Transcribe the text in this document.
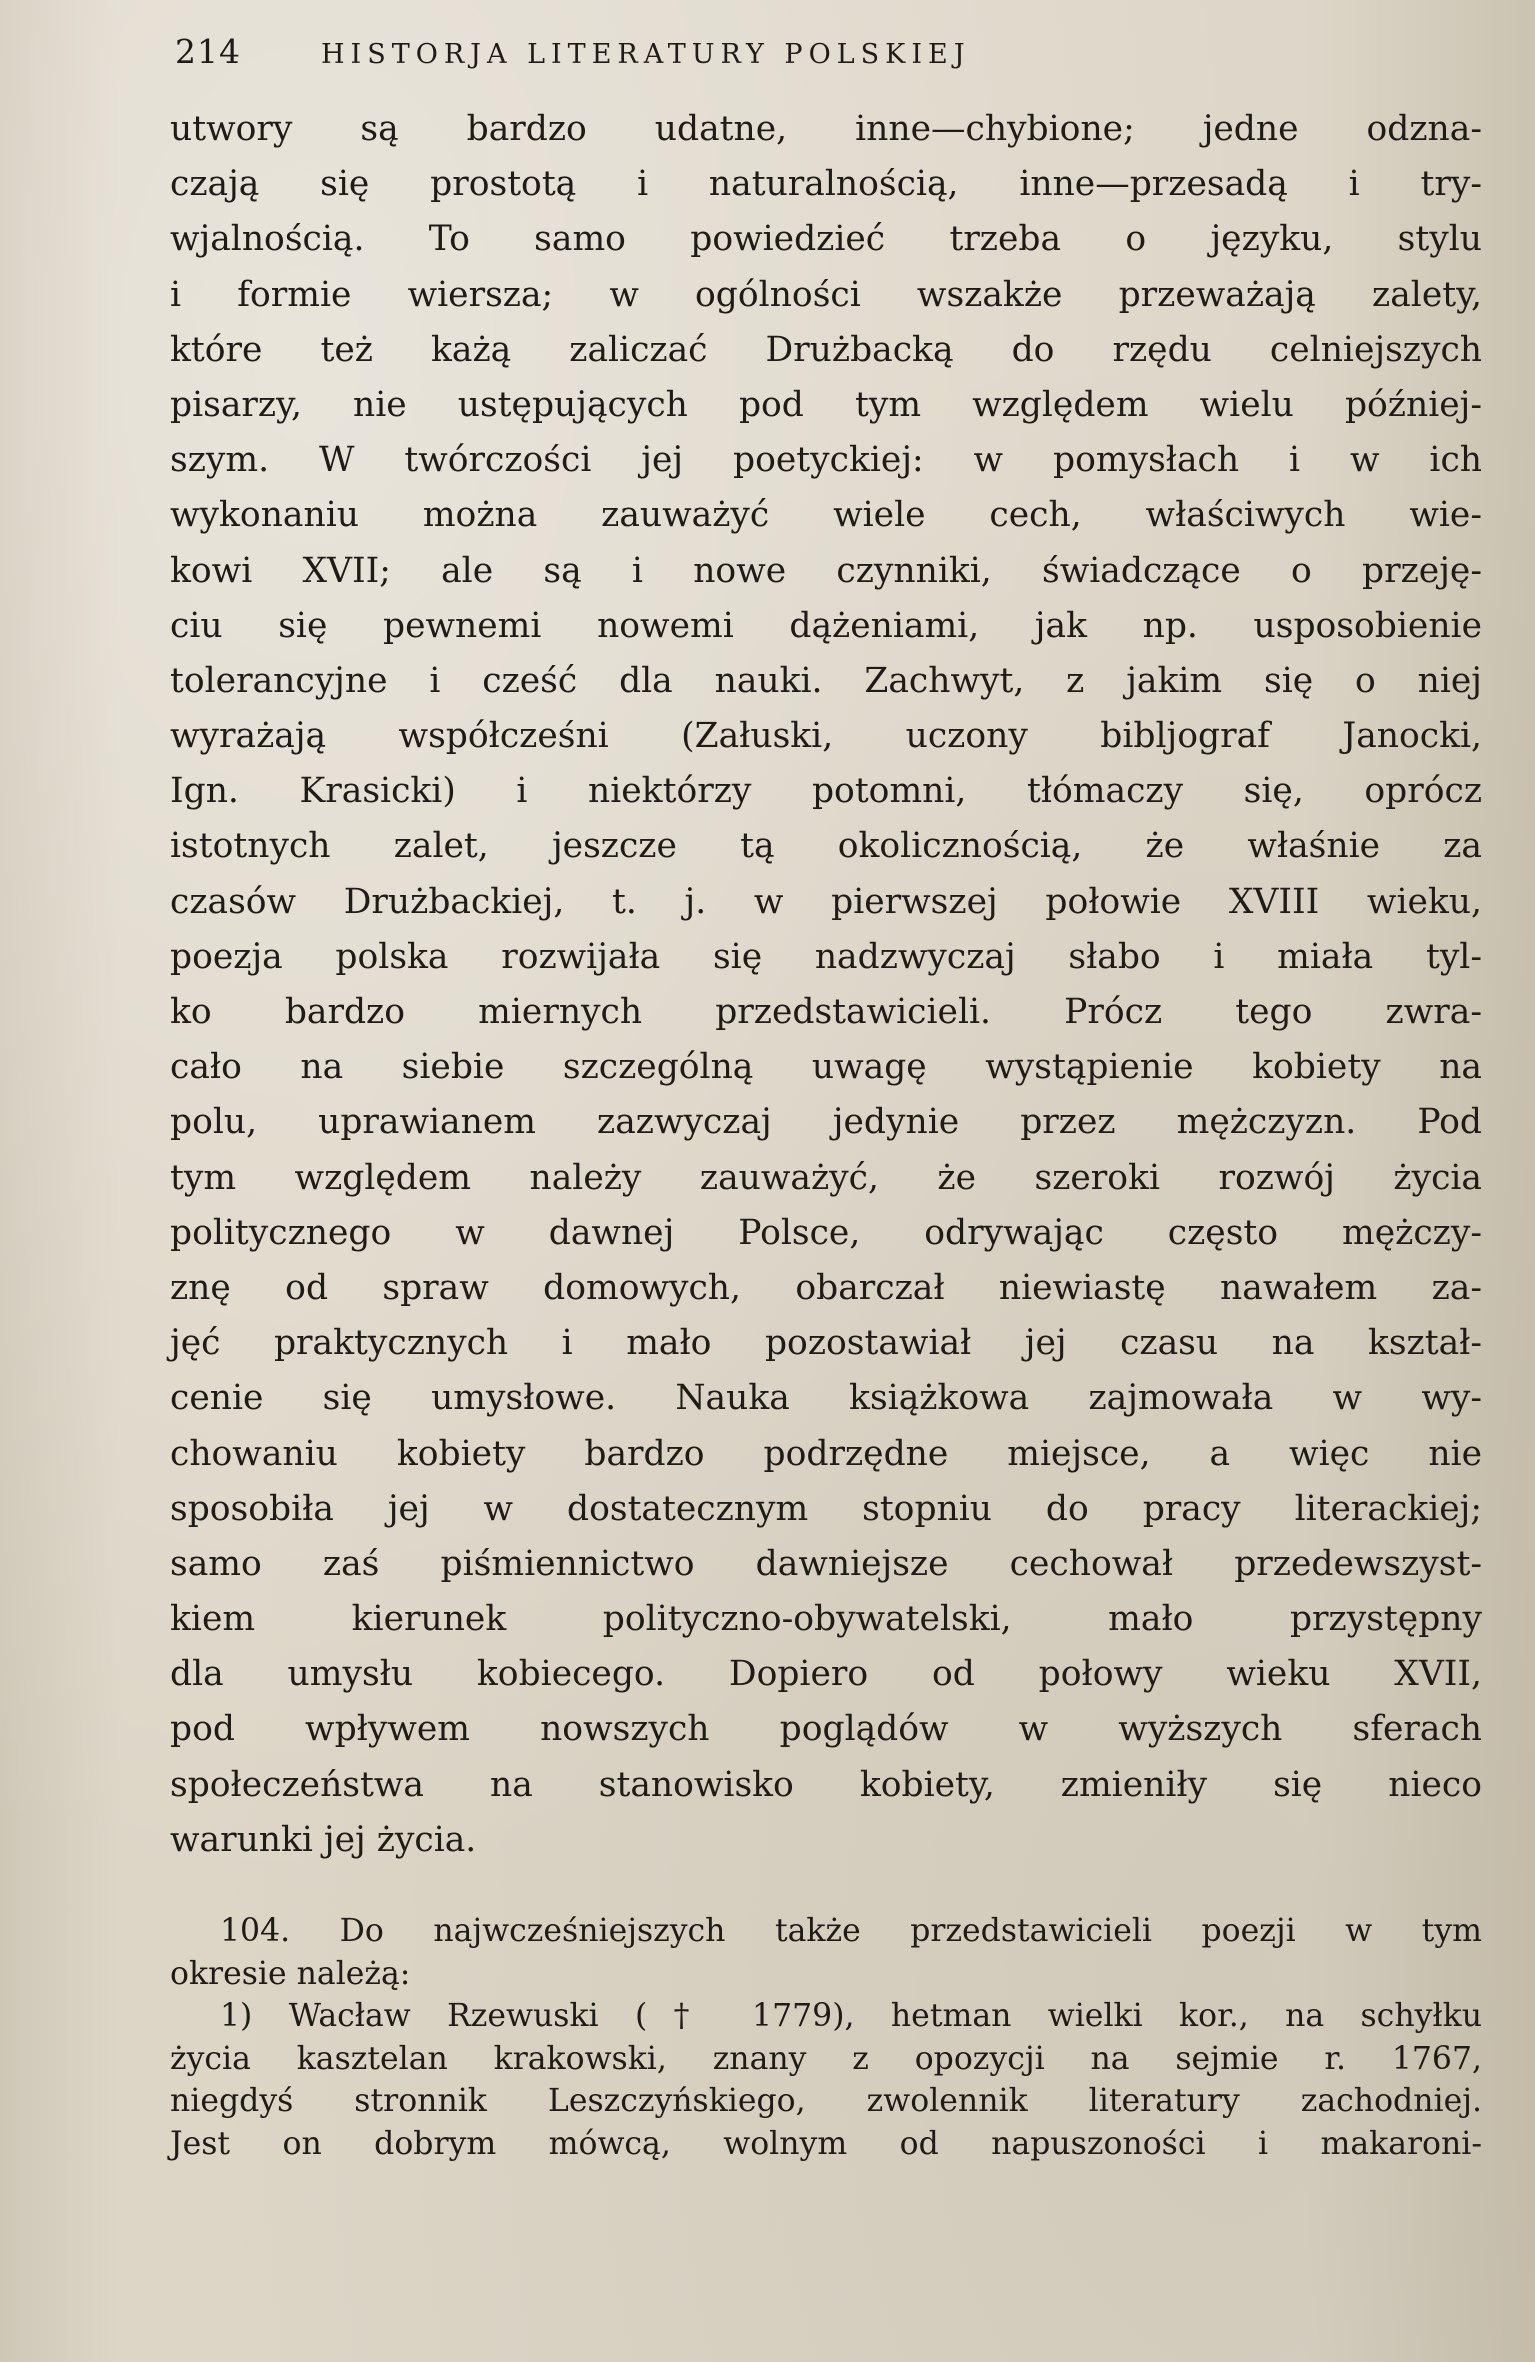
214	HISTORJA LITERATURY POLSKIEJ
utwory są bardzo udatne, inne—chybione; jedne odzna-
czają się prostotą i naturalnością, inne—przesadą i try-
wjalnością. To samo powiedzieć trzeba o języku, stylu
i formie wiersza; w ogólności wszakże przeważają zalety,
które też każą zaliczać Drużbacką do rzędu celniejszych
pisarzy, nie ustępujących pod tym względem wielu później-
szym. W twórczości jej poetyckiej: w pomysłach i w ich
wykonaniu można zauważyć wiele cech, właściwych wie-
kowi XVII; ale są i nowe czynniki, świadczące o przeję-
ciu się pewnemi nowemi dążeniami, jak np. usposobienie
tolerancyjne i cześć dla nauki. Zachwyt, z jakim się o niej
wyrażają współcześni (Załuski, uczony bibljograf Janocki,
Ign. Krasicki) i niektórzy potomni, tłómaczy się, oprócz
istotnych zalet, jeszcze tą okolicznością, że właśnie za
czasów Drużbackiej, t. j. w pierwszej połowie XVIII wieku,
poezja polska rozwijała się nadzwyczaj słabo i miała tyl-
ko bardzo miernych przedstawicieli. Prócz tego zwra-
cało na siebie szczególną uwagę wystąpienie kobiety na
polu, uprawianem zazwyczaj jedynie przez mężczyzn. Pod
tym względem należy zauważyć, że szeroki rozwój życia
politycznego w dawnej Polsce, odrywając często mężczy-
znę od spraw domowych, obarczał niewiastę nawałem za-
jęć praktycznych i mało pozostawiał jej czasu na kształ-
cenie się umysłowe. Nauka książkowa zajmowała w wy-
chowaniu kobiety bardzo podrzędne miejsce, a więc nie
sposobiła jej w dostatecznym stopniu do pracy literackiej;
samo zaś piśmiennictwo dawniejsze cechował przedewszyst-
kiem kierunek polityczno-obywatelski, mało przystępny
dla umysłu kobiecego. Dopiero od połowy wieku XVII,
pod wpływem nowszych poglądów w wyższych sferach
społeczeństwa na stanowisko kobiety, zmieniły się nieco
warunki jej życia.
104. Do najwcześniejszych także przedstawicieli poezji w tym
okresie należą:
1) Wacław Rzewuski († 1779), hetman wielki kor., na schyłku
życia kasztelan krakowski, znany z opozycji na sejmie r. 1767,
niegdyś stronnik Leszczyńskiego, zwolennik literatury zachodniej.
Jest on dobrym mówcą, wolnym od napuszoności i makaroni-
